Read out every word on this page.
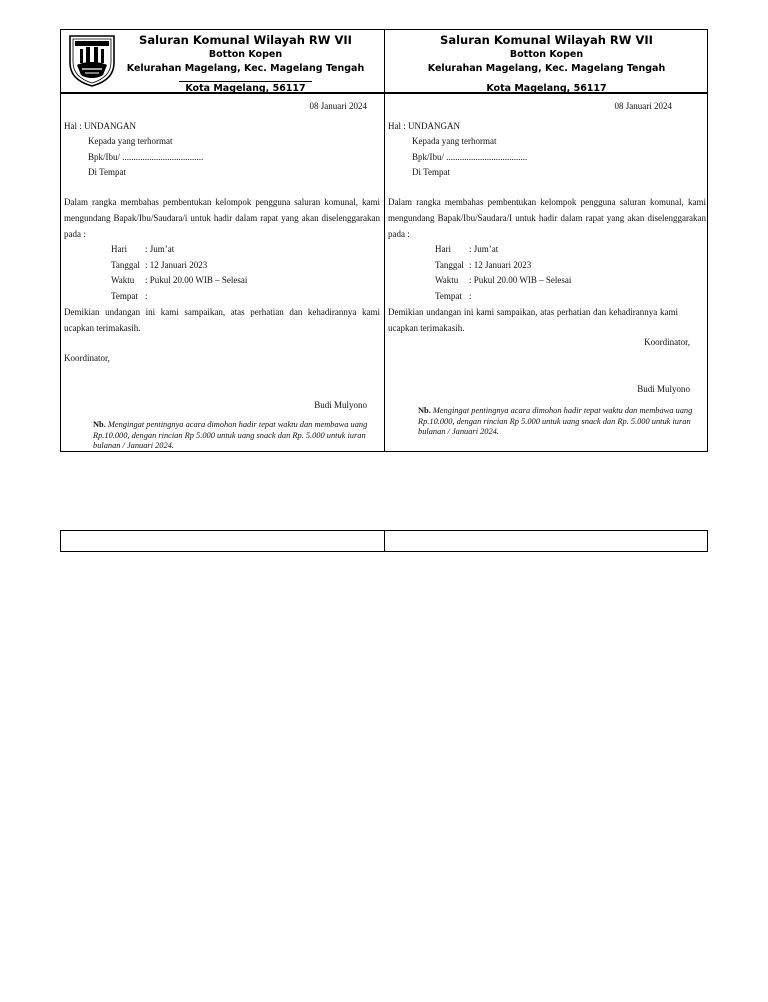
Saluran Komunal Wilayah RW VII
Botton Kopen
Kelurahan Magelang, Kec. Magelang Tengah
Kota Magelang, 56117
08 Januari 2024
Hal : UNDANGAN
Kepada yang terhormat
Bpk/Ibu/ ....................................
Di Tempat
Dalam rangka membahas pembentukan kelompok pengguna saluran komunal, kami mengundang Bapak/Ibu/Saudara/i untuk hadir dalam rapat yang akan diselenggarakan pada :
Hari : Jum’at
Tanggal : 12 Januari 2023
Waktu : Pukul 20.00 WIB – Selesai
Tempat :
Demikian undangan ini kami sampaikan, atas perhatian dan kehadirannya kami ucapkan terimakasih.
Koordinator,
Budi Mulyono
Nb. Mengingat pentingnya acara dimohon hadir tepat waktu dan membawa uang Rp.10.000, dengan rincian Rp 5.000 untuk uang snack dan Rp. 5.000 untuk iuran bulanan / Januari 2024.
Saluran Komunal Wilayah RW VII
Botton Kopen
Kelurahan Magelang, Kec. Magelang Tengah
Kota Magelang, 56117
08 Januari 2024
Hal : UNDANGAN
Kepada yang terhormat
Bpk/Ibu/ ....................................
Di Tempat
Dalam rangka membahas pembentukan kelompok pengguna saluran komunal, kami mengundang Bapak/Ibu/Saudara/I untuk hadir dalam rapat yang akan diselenggarakan pada :
Hari : Jum’at
Tanggal : 12 Januari 2023
Waktu : Pukul 20.00 WIB – Selesai
Tempat :
Demikian undangan ini kami sampaikan, atas perhatian dan kehadirannya kami ucapkan terimakasih.
Koordinator,
Budi Mulyono
Nb. Mengingat pentingnya acara dimohon hadir tepat waktu dan membawa uang Rp.10.000, dengan rincian Rp 5.000 untuk uang snack dan Rp. 5.000 untuk iuran bulanan / Januari 2024.
